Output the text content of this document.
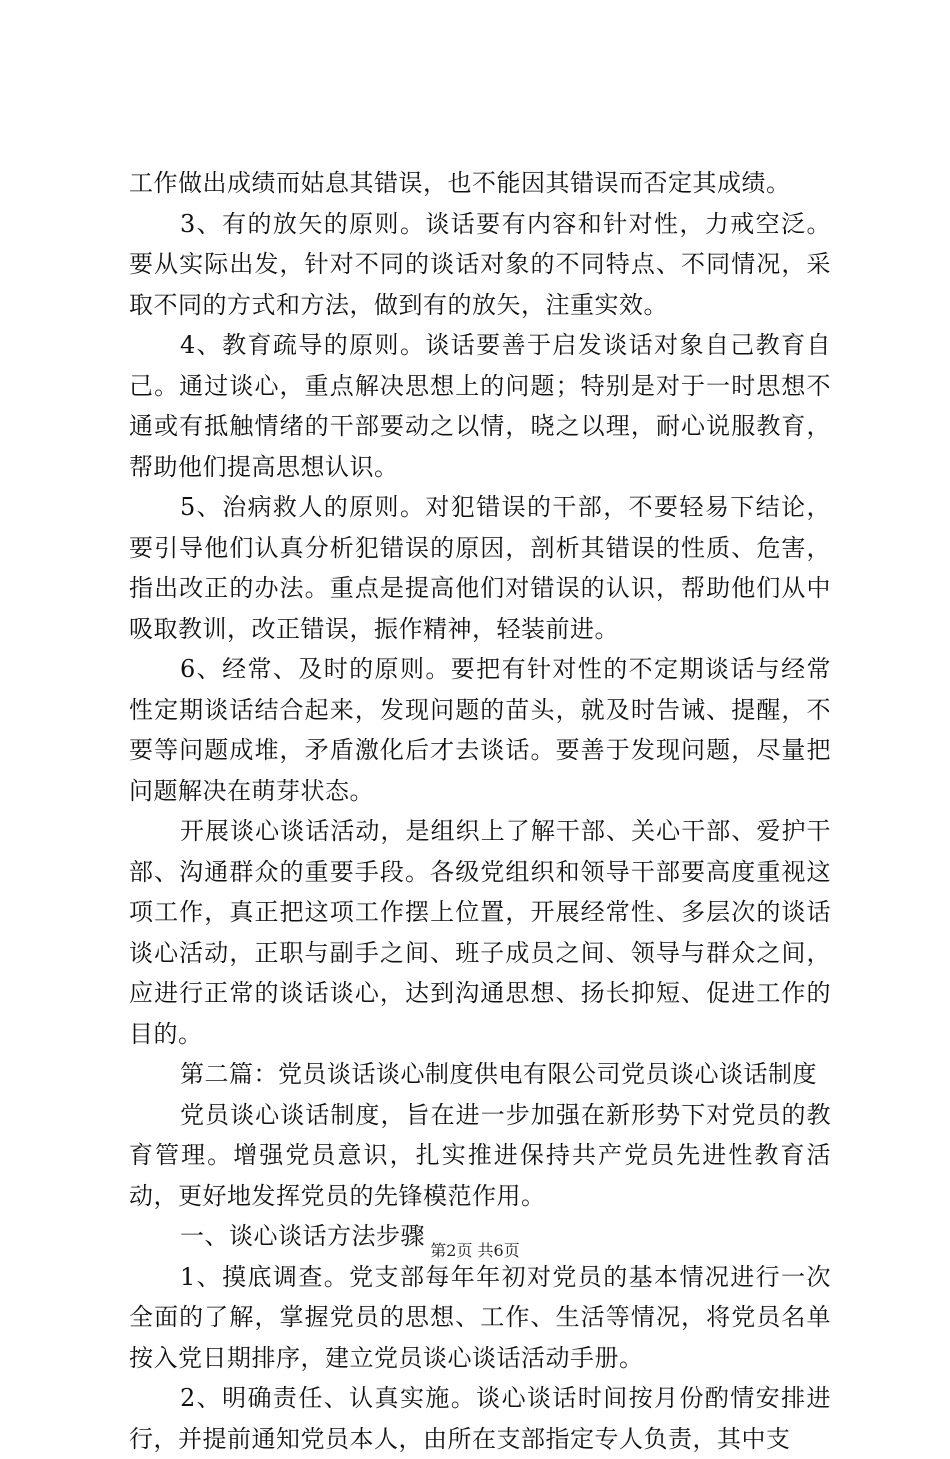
工作做出成绩而姑息其错误，也不能因其错误而否定其成绩。

3、有的放矢的原则。谈话要有内容和针对性，力戒空泛。要从实际出发，针对不同的谈话对象的不同特点、不同情况，采取不同的方式和方法，做到有的放矢，注重实效。

4、教育疏导的原则。谈话要善于启发谈话对象自己教育自己。通过谈心，重点解决思想上的问题；特别是对于一时思想不通或有抵触情绪的干部要动之以情，晓之以理，耐心说服教育，帮助他们提高思想认识。

5、治病救人的原则。对犯错误的干部，不要轻易下结论，要引导他们认真分析犯错误的原因，剖析其错误的性质、危害，指出改正的办法。重点是提高他们对错误的认识，帮助他们从中吸取教训，改正错误，振作精神，轻装前进。

6、经常、及时的原则。要把有针对性的不定期谈话与经常性定期谈话结合起来，发现问题的苗头，就及时告诫、提醒，不要等问题成堆，矛盾激化后才去谈话。要善于发现问题，尽量把问题解决在萌芽状态。

开展谈心谈话活动，是组织上了解干部、关心干部、爱护干部、沟通群众的重要手段。各级党组织和领导干部要高度重视这项工作，真正把这项工作摆上位置，开展经常性、多层次的谈话谈心活动，正职与副手之间、班子成员之间、领导与群众之间，应进行正常的谈话谈心，达到沟通思想、扬长抑短、促进工作的目的。

第二篇：党员谈话谈心制度供电有限公司党员谈心谈话制度

党员谈心谈话制度，旨在进一步加强在新形势下对党员的教育管理。增强党员意识，扎实推进保持共产党员先进性教育活动，更好地发挥党员的先锋模范作用。

一、谈心谈话方法步骤

1、摸底调查。党支部每年年初对党员的基本情况进行一次全面的了解，掌握党员的思想、工作、生活等情况，将党员名单按入党日期排序，建立党员谈心谈话活动手册。

2、明确责任、认真实施。谈心谈话时间按月份酌情安排进行，并提前通知党员本人，由所在支部指定专人负责，其中支

第2页 共6页
